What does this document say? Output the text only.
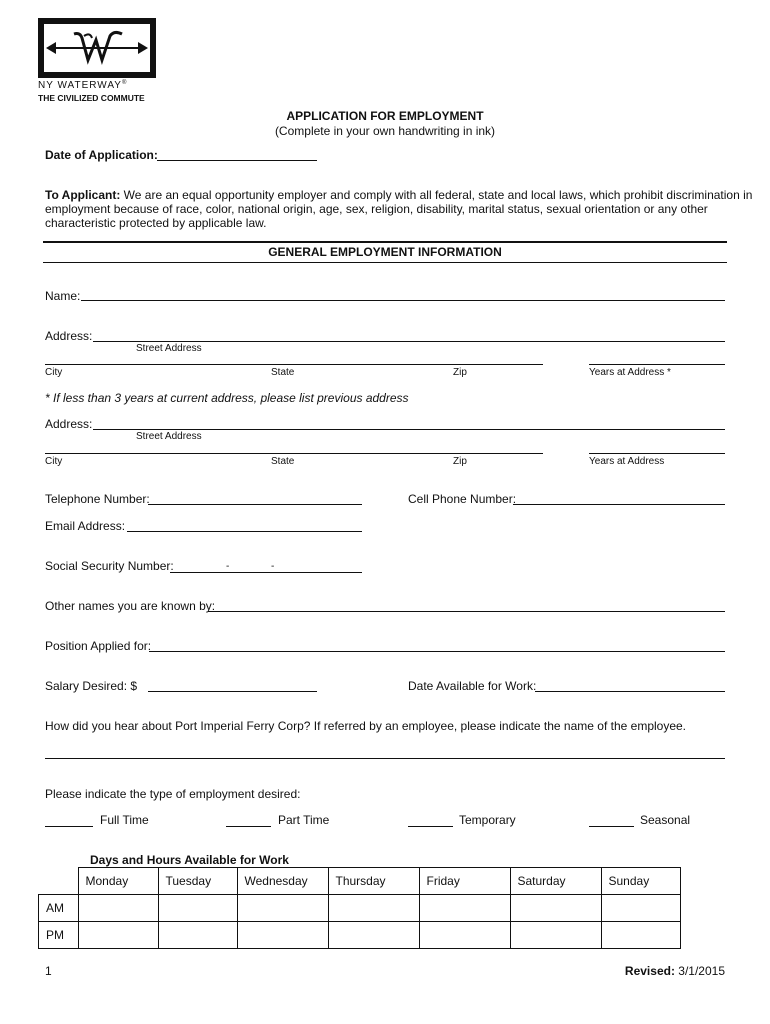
NY WATERWAY®
THE CIVILIZED COMMUTE
APPLICATION FOR EMPLOYMENT
(Complete in your own handwriting in ink)
Date of Application:
To Applicant: We are an equal opportunity employer and comply with all federal, state and local laws, which prohibit discrimination in
employment because of race, color, national origin, age, sex, religion, disability, marital status, sexual orientation or any other
characteristic protected by applicable law.
GENERAL EMPLOYMENT INFORMATION
Name:
Address:
Street Address
City	State	Zip	Years at Address *
* If less than 3 years at current address, please list previous address
Address:
Street Address
City	State	Zip	Years at Address
Telephone Number:	Cell Phone Number:
Email Address:
Social Security Number:	-	-
Other names you are known by:
Position Applied for:
Salary Desired: $	Date Available for Work:
How did you hear about Port Imperial Ferry Corp? If referred by an employee, please indicate the name of the employee.
Please indicate the type of employment desired:
Full Time	Part Time	Temporary	Seasonal
Days and Hours Available for Work
	Monday	Tuesday	Wednesday	Thursday	Friday	Saturday	Sunday
AM							
PM							
1	Revised: 3/1/2015
